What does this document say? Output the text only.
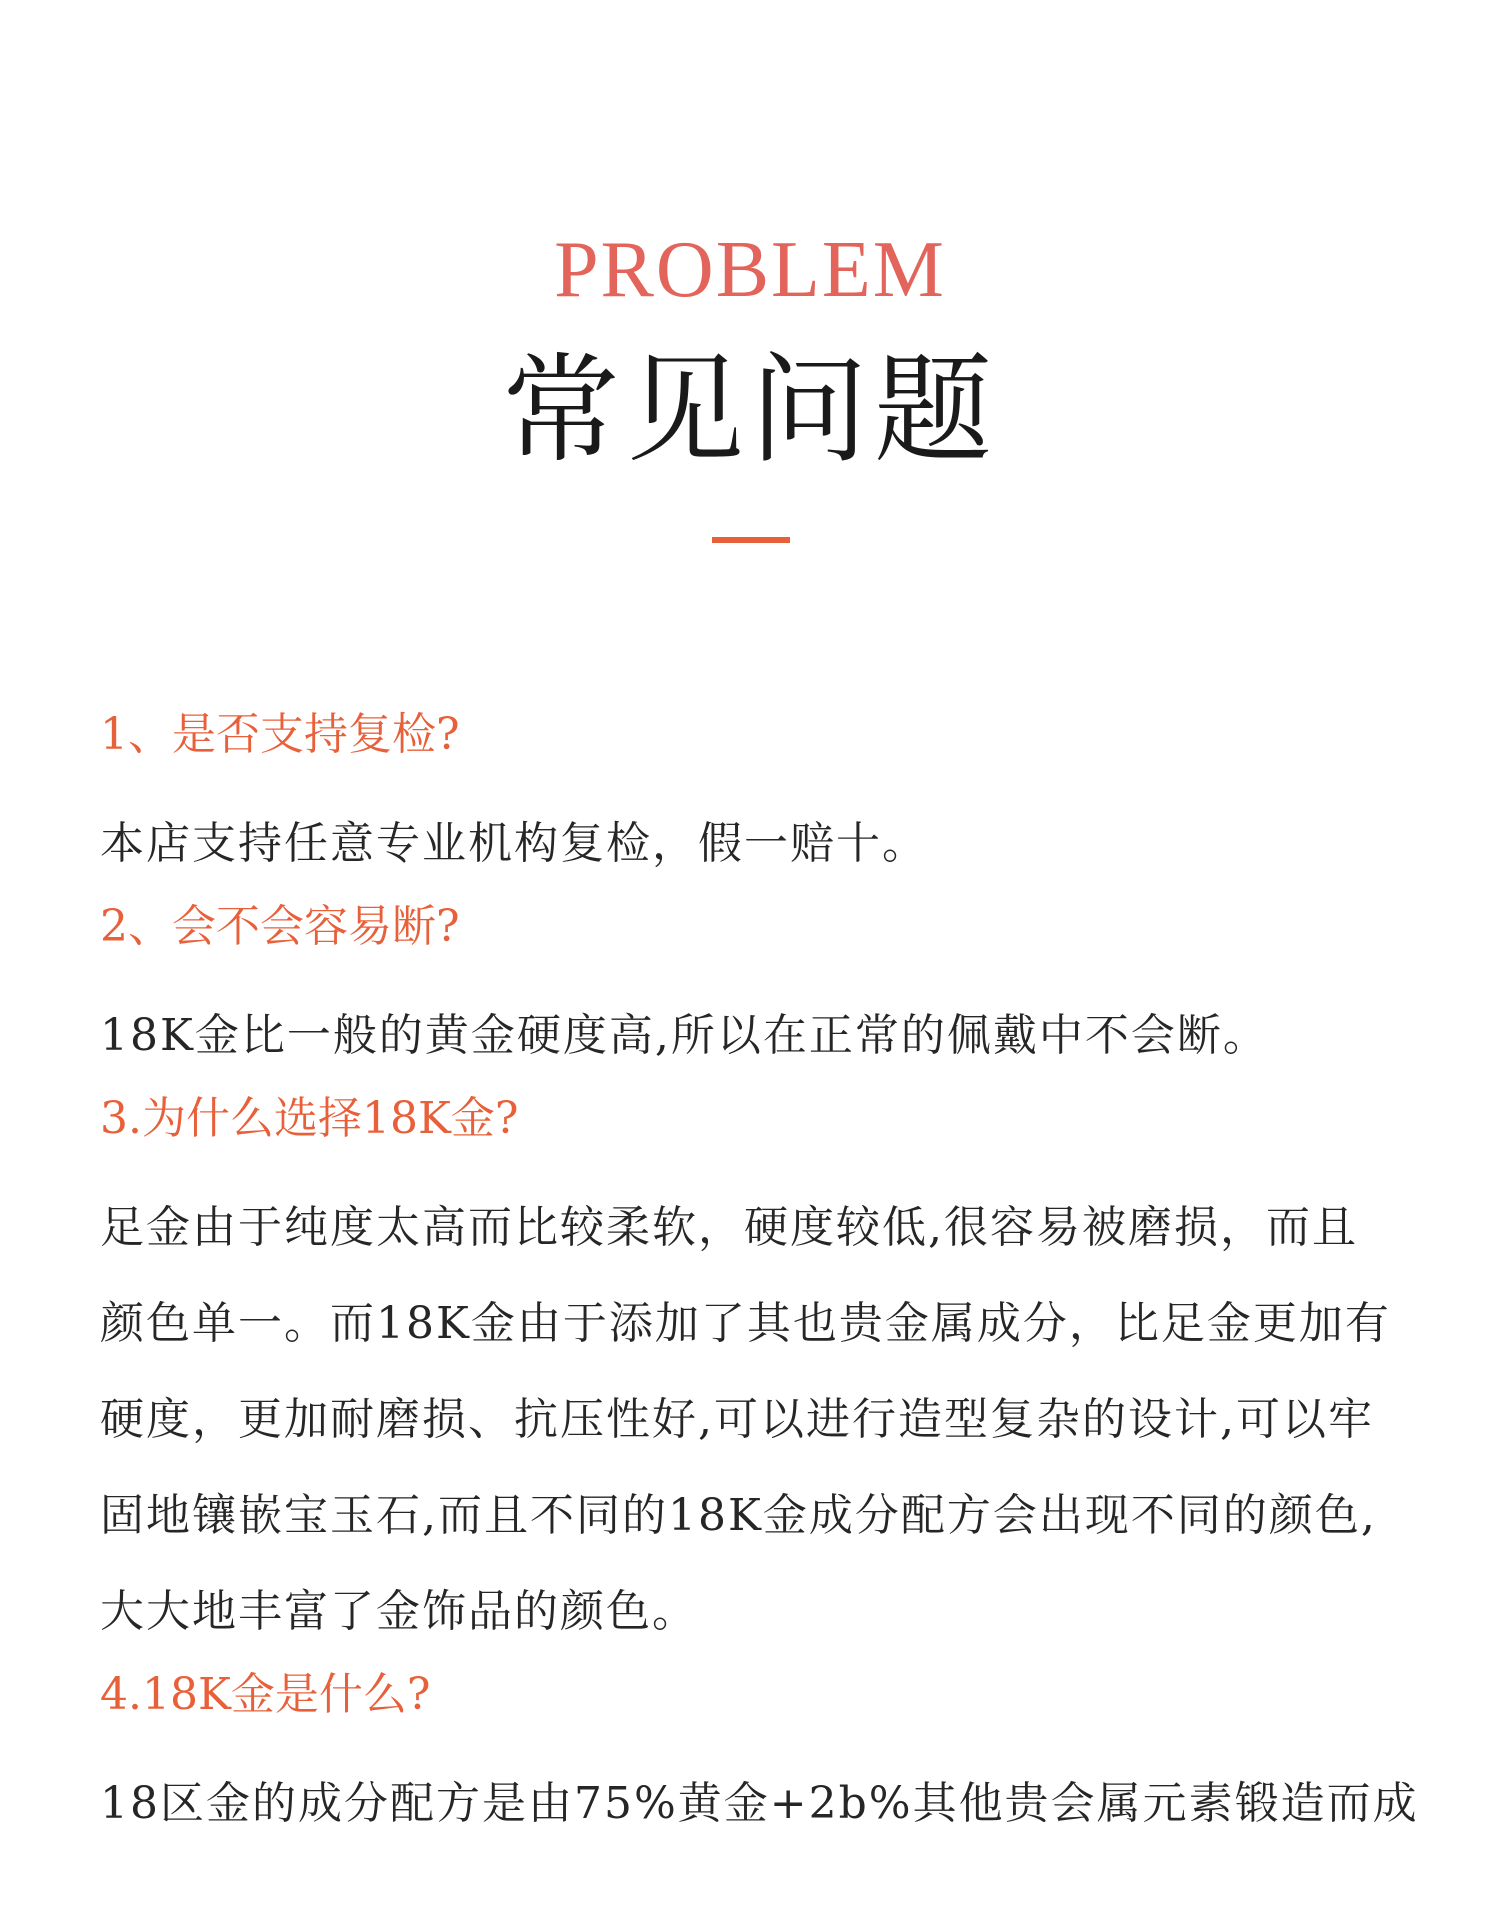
PROBLEM
常见问题
1、是否支持复检?
本店支持任意专业机构复检，假一赔十。
2、会不会容易断?
18K金比一般的黄金硬度高,所以在正常的佩戴中不会断。
3.为什么选择18K金?
足金由于纯度太高而比较柔软，硬度较低,很容易被磨损，而且
颜色单一。而18K金由于添加了其也贵金属成分，比足金更加有
硬度，更加耐磨损、抗压性好,可以进行造型复杂的设计,可以牢
固地镶嵌宝玉石,而且不同的18K金成分配方会出现不同的颜色,
大大地丰富了金饰品的颜色。
4.18K金是什么?
18区金的成分配方是由75%黄金+2b%其他贵会属元素锻造而成
